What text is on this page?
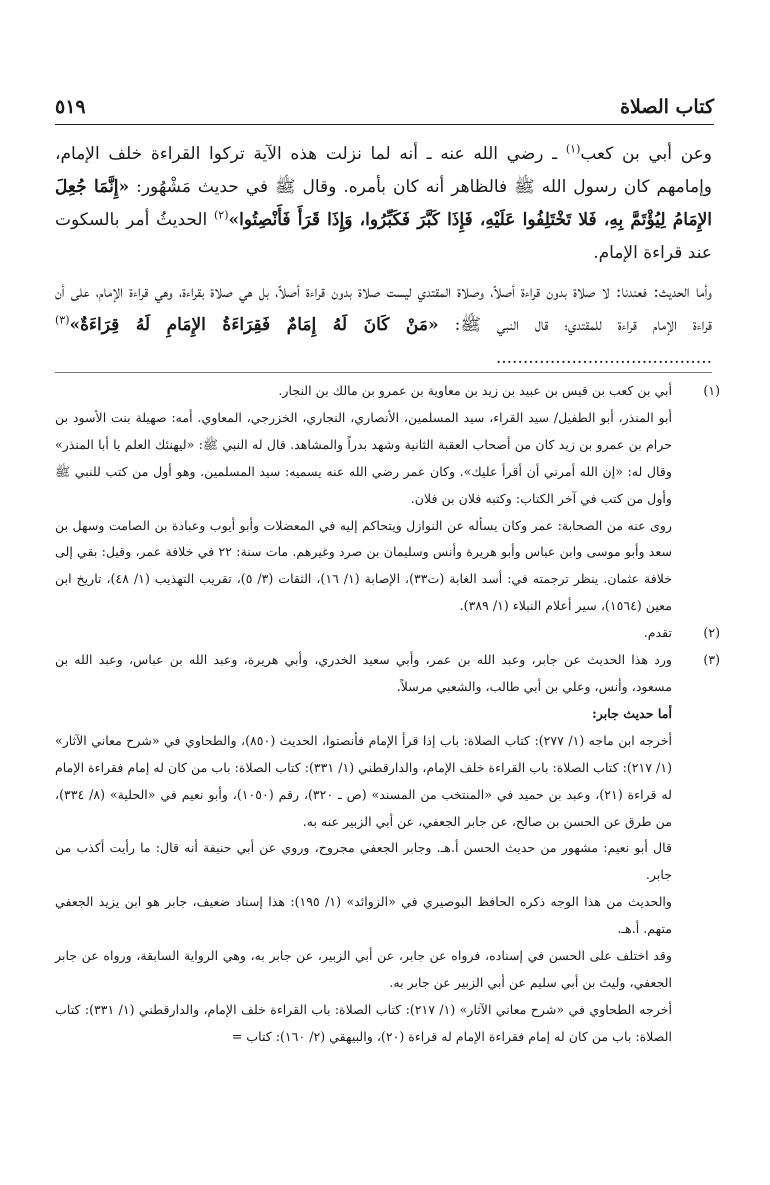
كتاب الصلاة
٥١٩

وعن أبي بن كعب$^{(١)}$ ـ رضي الله عنه ـ أنه لما نزلت هذه الآية تركوا القراءة خلف الإمام، وإمامهم كان رسول الله ﷺ فالظاهر أنه كان بأمره. وقال ﷺ في حديث مَشْهُور: «إِنَّمَا جُعِلَ الإِمَامُ لِيُؤْتَمَّ بِهِ، فَلا تَخْتَلِفُوا عَلَيْهِ، فَإِذَا كَبَّرَ فَكَبِّرُوا، وَإِذَا قَرَأَ فَأَنْصِتُوا»$^{(٢)}$ الحديثُ أمر بالسكوت عند قراءة الإمام.

وأما الحديث: فعندنا: لا صلاة بدون قراءة أصلاً، وصلاة المقتدي ليست صلاة بدون قراءة أصلاً، بل هي صلاة بقراءة، وهي قراءة الإمام، على أن قراءة الإمام قراءة للمقتدي؛ قال النبي ﷺ: «مَنْ كَانَ لَهُ إِمَامٌ فَقِرَاءَةُ الإِمَامِ لَهُ قِرَاءَةٌ»$^{(٣)}$ ........................................

(١)

أبي بن كعب بن قيس بن عبيد بن زيد بن معاوية بن عمرو بن مالك بن النجار.

أبو المنذر، أبو الطفيل/ سيد القراء، سيد المسلمين، الأنصاري، النجاري، الخزرجي، المعاوي. أمه: صهيلة بنت الأسود بن حرام بن عمرو بن زيد كان من أصحاب العقبة الثانية وشهد بدراً والمشاهد. قال له النبي ﷺ: «ليهنئك العلم يا أبا المنذر» وقال له: «إن الله أمرني أن أقرأ عليك». وكان عمر رضي الله عنه يسميه: سيد المسلمين. وهو أول من كتب للنبي ﷺ وأول من كتب في آخر الكتاب: وكتبه فلان بن فلان.

روى عنه من الصحابة: عمر وكان يسأله عن النوازل ويتحاكم إليه في المعضلات وأبو أيوب وعبادة بن الصامت وسهل بن سعد وأبو موسى وابن عباس وأبو هريرة وأنس وسليمان بن صرد وغيرهم. مات سنة: ٢٢ في خلافة عمر، وقيل: بقي إلى خلافة عثمان. ينظر ترجمته في: أسد الغابة (ت٣٣)، الإصابة (١/ ١٦)، الثقات (٣/ ٥)، تقريب التهذيب (١/ ٤٨)، تاريخ ابن معين (١٥٦٤)، سير أعلام النبلاء (١/ ٣٨٩).

(٢)

تقدم.

(٣)

ورد هذا الحديث عن جابر، وعبد الله بن عمر، وأبي سعيد الخدري، وأبي هريرة، وعبد الله بن عباس، وعبد الله بن مسعود، وأنس، وعلي بن أبي طالب، والشعبي مرسلاً.

أما حديث جابر:

أخرجه ابن ماجه (١/ ٢٧٧): كتاب الصلاة: باب إذا قرأ الإمام فأنصتوا، الحديث (٨٥٠)، والطحاوي في «شرح معاني الآثار» (١/ ٢١٧): كتاب الصلاة: باب القراءة خلف الإمام، والدارقطني (١/ ٣٣١): كتاب الصلاة: باب من كان له إمام فقراءة الإمام له قراءة (٢١)، وعبد بن حميد في «المنتخب من المسند» (ص ـ ٣٢٠)، رقم (١٠٥٠)، وأبو نعيم في «الحلية» (٨/ ٣٣٤)، من طرق عن الحسن بن صالح، عن جابر الجعفي، عن أبي الزبير عنه به.

قال أبو نعيم: مشهور من حديث الحسن أ.هـ. وجابر الجعفي مجروح، وروي عن أبي حنيفة أنه قال: ما رأيت أكذب من جابر.

والحديث من هذا الوجه ذكره الحافظ البوصيري في «الزوائد» (١/ ١٩٥): هذا إسناد ضعيف، جابر هو ابن يزيد الجعفي متهم. أ.هـ.

وقد اختلف على الحسن في إسناده، فرواه عن جابر، عن أبي الزبير، عن جابر به، وهي الرواية السابقة، ورواه عن جابر الجعفي، وليث بن أبي سليم عن أبي الزبير عن جابر به.

أخرجه الطحاوي في «شرح معاني الآثار» (١/ ٢١٧): كتاب الصلاة: باب القراءة خلف الإمام، والدارقطني (١/ ٣٣١): كتاب الصلاة: باب من كان له إمام فقراءة الإمام له قراءة (٢٠)، والبيهقي (٢/ ١٦٠): كتاب =
